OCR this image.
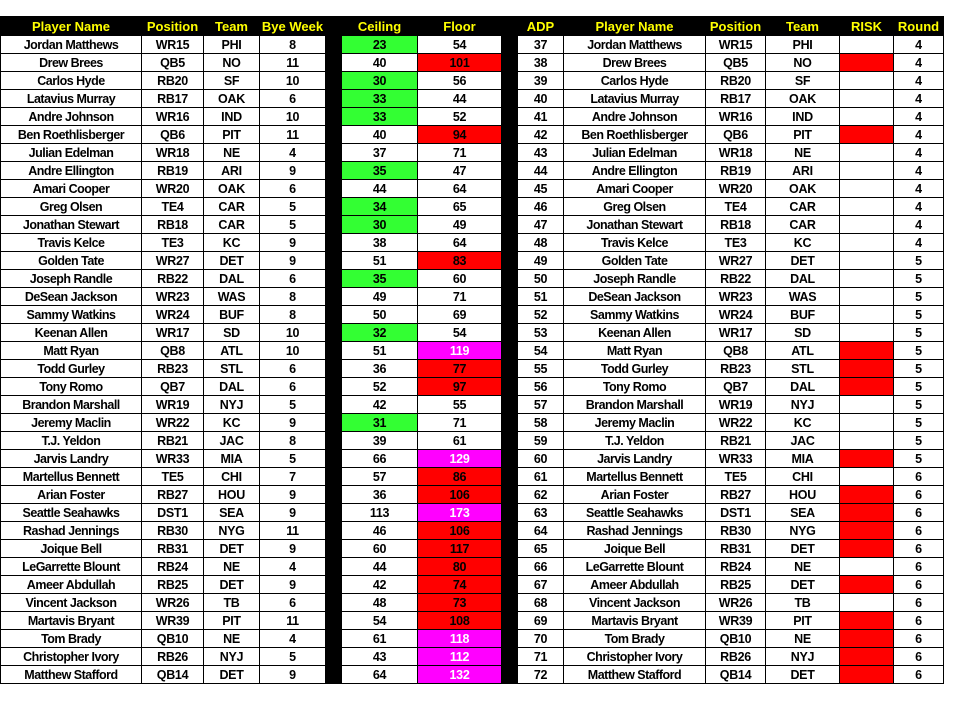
Player Name	Position	Team	Bye Week		Ceiling	Floor		ADP	Player Name	Position	Team	RISK	Round
Jordan Matthews	WR15	PHI	8		23	54		37	Jordan Matthews	WR15	PHI		4
Drew Brees	QB5	NO	11		40	101		38	Drew Brees	QB5	NO		4
Carlos Hyde	RB20	SF	10		30	56		39	Carlos Hyde	RB20	SF		4
Latavius Murray	RB17	OAK	6		33	44		40	Latavius Murray	RB17	OAK		4
Andre Johnson	WR16	IND	10		33	52		41	Andre Johnson	WR16	IND		4
Ben Roethlisberger	QB6	PIT	11		40	94		42	Ben Roethlisberger	QB6	PIT		4
Julian Edelman	WR18	NE	4		37	71		43	Julian Edelman	WR18	NE		4
Andre Ellington	RB19	ARI	9		35	47		44	Andre Ellington	RB19	ARI		4
Amari Cooper	WR20	OAK	6		44	64		45	Amari Cooper	WR20	OAK		4
Greg Olsen	TE4	CAR	5		34	65		46	Greg Olsen	TE4	CAR		4
Jonathan Stewart	RB18	CAR	5		30	49		47	Jonathan Stewart	RB18	CAR		4
Travis Kelce	TE3	KC	9		38	64		48	Travis Kelce	TE3	KC		4
Golden Tate	WR27	DET	9		51	83		49	Golden Tate	WR27	DET		5
Joseph Randle	RB22	DAL	6		35	60		50	Joseph Randle	RB22	DAL		5
DeSean Jackson	WR23	WAS	8		49	71		51	DeSean Jackson	WR23	WAS		5
Sammy Watkins	WR24	BUF	8		50	69		52	Sammy Watkins	WR24	BUF		5
Keenan Allen	WR17	SD	10		32	54		53	Keenan Allen	WR17	SD		5
Matt Ryan	QB8	ATL	10		51	119		54	Matt Ryan	QB8	ATL		5
Todd Gurley	RB23	STL	6		36	77		55	Todd Gurley	RB23	STL		5
Tony Romo	QB7	DAL	6		52	97		56	Tony Romo	QB7	DAL		5
Brandon Marshall	WR19	NYJ	5		42	55		57	Brandon Marshall	WR19	NYJ		5
Jeremy Maclin	WR22	KC	9		31	71		58	Jeremy Maclin	WR22	KC		5
T.J. Yeldon	RB21	JAC	8		39	61		59	T.J. Yeldon	RB21	JAC		5
Jarvis Landry	WR33	MIA	5		66	129		60	Jarvis Landry	WR33	MIA		5
Martellus Bennett	TE5	CHI	7		57	86		61	Martellus Bennett	TE5	CHI		6
Arian Foster	RB27	HOU	9		36	106		62	Arian Foster	RB27	HOU		6
Seattle Seahawks	DST1	SEA	9		113	173		63	Seattle Seahawks	DST1	SEA		6
Rashad Jennings	RB30	NYG	11		46	106		64	Rashad Jennings	RB30	NYG		6
Joique Bell	RB31	DET	9		60	117		65	Joique Bell	RB31	DET		6
LeGarrette Blount	RB24	NE	4		44	80		66	LeGarrette Blount	RB24	NE		6
Ameer Abdullah	RB25	DET	9		42	74		67	Ameer Abdullah	RB25	DET		6
Vincent Jackson	WR26	TB	6		48	73		68	Vincent Jackson	WR26	TB		6
Martavis Bryant	WR39	PIT	11		54	108		69	Martavis Bryant	WR39	PIT		6
Tom Brady	QB10	NE	4		61	118		70	Tom Brady	QB10	NE		6
Christopher Ivory	RB26	NYJ	5		43	112		71	Christopher Ivory	RB26	NYJ		6
Matthew Stafford	QB14	DET	9		64	132		72	Matthew Stafford	QB14	DET		6
